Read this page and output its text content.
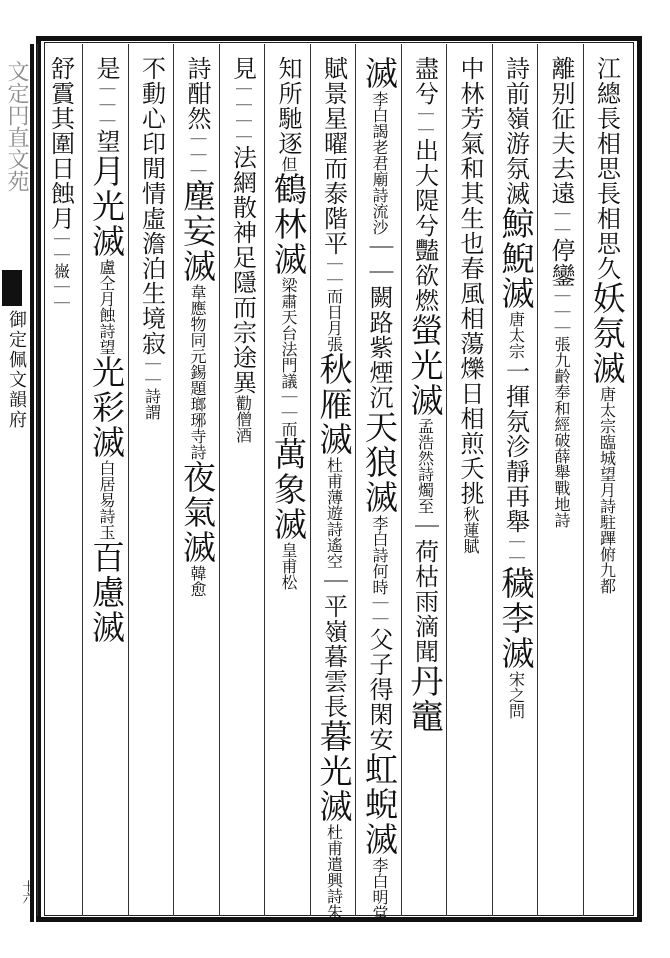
文定円直文苑
御定佩文韻府
十六
江總長相思長相思久妖氛滅唐太宗臨城望月詩駐蹕俯九都
離别征夫去遠｜｜停鑾｜｜｜張九齡奉和經破薛舉戰地詩
詩前嶺游氛滅鯨鯢滅唐太宗一揮氛沴靜再舉｜｜穢李滅宋之問
中林芳氣和其生也春風相蕩爍日相煎夭挑秋蓮賦
盡兮｜｜出大隄兮豔欲燃螢光滅孟浩然詩燭至｜荷枯雨滴聞丹竈
滅李白謁老君廟詩流沙｜｜闕路紫煙沉天狼滅李白詩何時｜｜父子得閑安虹蜺滅李白明堂
賦景星曜而泰階平｜｜而日月張秋雁滅杜甫薄遊詩遙空｜平嶺暮雲長暮光滅杜甫遣興詩朱
知所馳逐但鶴林滅梁肅天台法門議｜｜而萬象滅皇甫松
見｜｜｜｜法網散神足隱而宗途異勸僧酒
詩酣然｜｜｜塵妄滅韋應物同元錫題瑯琊寺詩夜氣滅韓愈
不動心印閒情虛澹泊生境寂｜｜詩謂
是｜｜｜望月光滅盧仝月蝕詩望光彩滅白居易詩玉百慮滅
舒霣其圍日蝕月｜｜嶶｜｜
